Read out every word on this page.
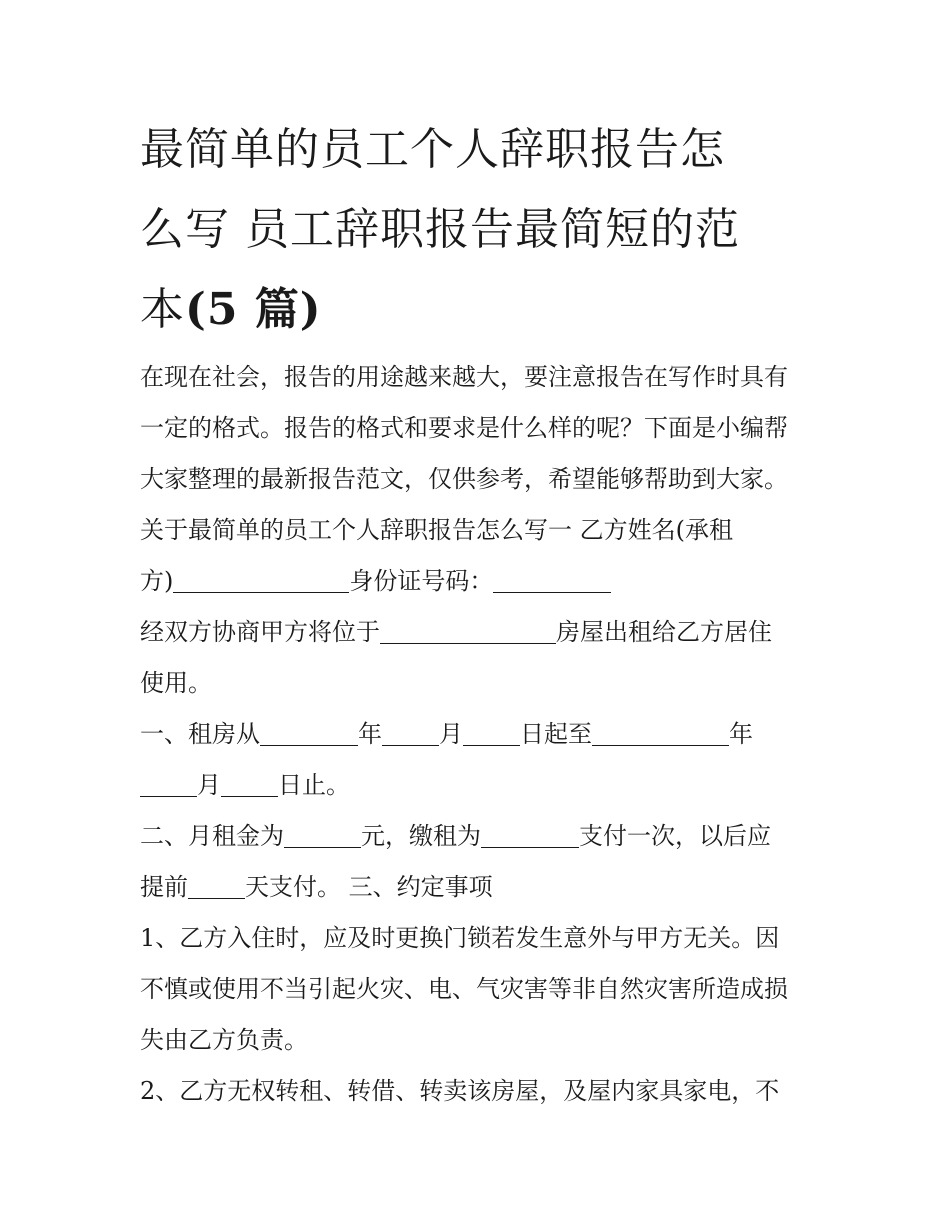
最简单的员工个人辞职报告怎
么写 员工辞职报告最简短的范
本(5 篇)

在现在社会，报告的用途越来越大，要注意报告在写作时具有

一定的格式。报告的格式和要求是什么样的呢？下面是小编帮

大家整理的最新报告范文，仅供参考，希望能够帮助到大家。

关于最简单的员工个人辞职报告怎么写一 乙方姓名(承租

方)	身份证号码：

经双方协商甲方将位于	房屋出租给乙方居住

使用。

一、租房从	年 月 日起至	年

月 日止。

二、月租金为	元，缴租为	支付一次，以后应

提前 天支付。 三、约定事项

1、乙方入住时，应及时更换门锁若发生意外与甲方无关。因

不慎或使用不当引起火灾、电、气灾害等非自然灾害所造成损

失由乙方负责。

2、乙方无权转租、转借、转卖该房屋，及屋内家具家电，不
